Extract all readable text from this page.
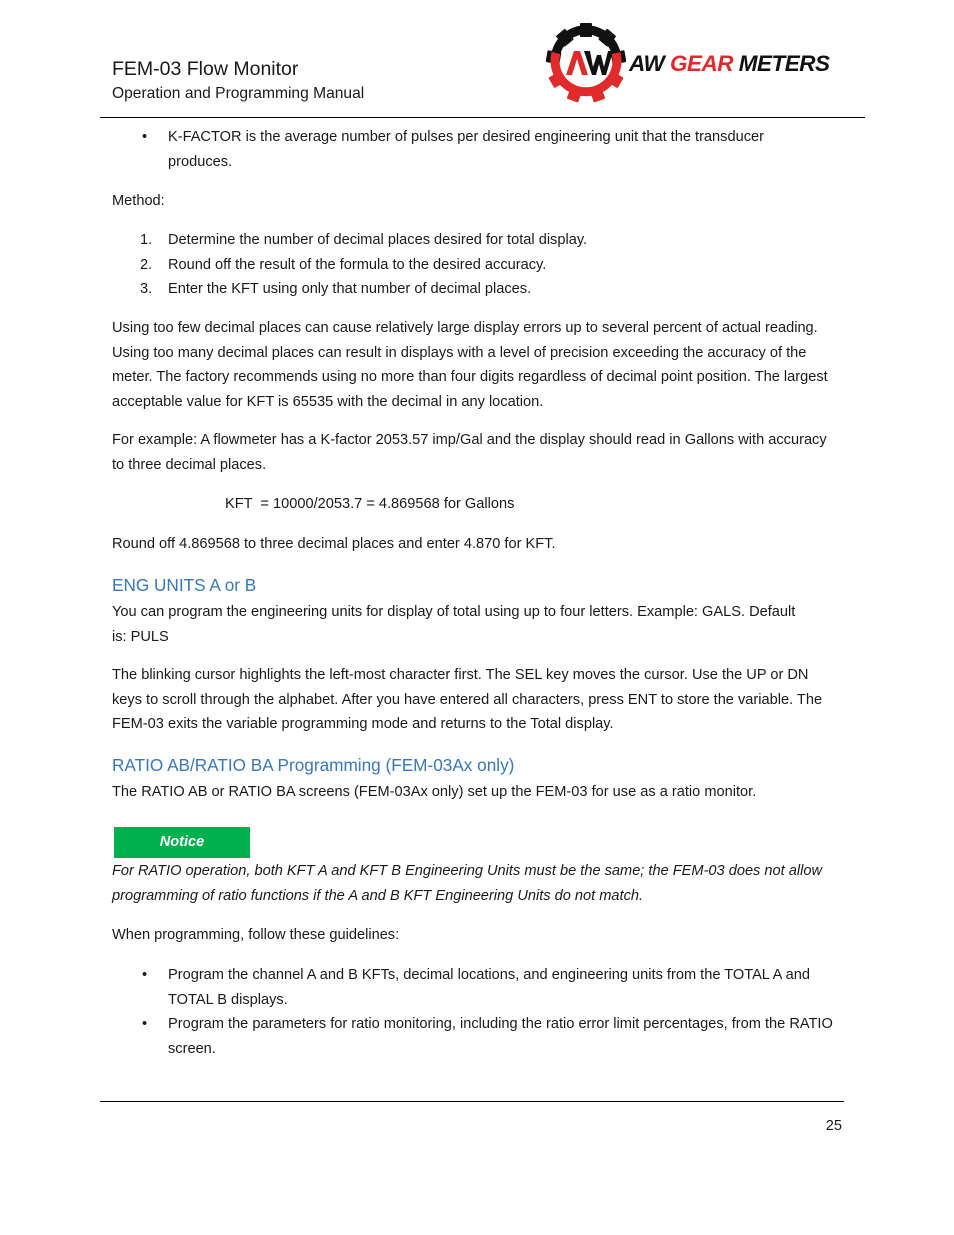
FEM-03 Flow Monitor
Operation and Programming Manual
AW GEAR METERS
• K-FACTOR is the average number of pulses per desired engineering unit that the transducer produces.
Method:
1. Determine the number of decimal places desired for total display.
2. Round off the result of the formula to the desired accuracy.
3. Enter the KFT using only that number of decimal places.
Using too few decimal places can cause relatively large display errors up to several percent of actual reading. Using too many decimal places can result in displays with a level of precision exceeding the accuracy of the meter. The factory recommends using no more than four digits regardless of decimal point position. The largest acceptable value for KFT is 65535 with the decimal in any location.
For example: A flowmeter has a K-factor 2053.57 imp/Gal and the display should read in Gallons with accuracy to three decimal places.
KFT  = 10000/2053.7 = 4.869568 for Gallons
Round off 4.869568 to three decimal places and enter 4.870 for KFT.
ENG UNITS A or B
You can program the engineering units for display of total using up to four letters. Example: GALS. Default is: PULS
The blinking cursor highlights the left-most character first. The SEL key moves the cursor. Use the UP or DN keys to scroll through the alphabet. After you have entered all characters, press ENT to store the variable. The FEM-03 exits the variable programming mode and returns to the Total display.
RATIO AB/RATIO BA Programming (FEM-03Ax only)
The RATIO AB or RATIO BA screens (FEM-03Ax only) set up the FEM-03 for use as a ratio monitor.
Notice
For RATIO operation, both KFT A and KFT B Engineering Units must be the same; the FEM-03 does not allow programming of ratio functions if the A and B KFT Engineering Units do not match.
When programming, follow these guidelines:
• Program the channel A and B KFTs, decimal locations, and engineering units from the TOTAL A and TOTAL B displays.
• Program the parameters for ratio monitoring, including the ratio error limit percentages, from the RATIO screen.
25
